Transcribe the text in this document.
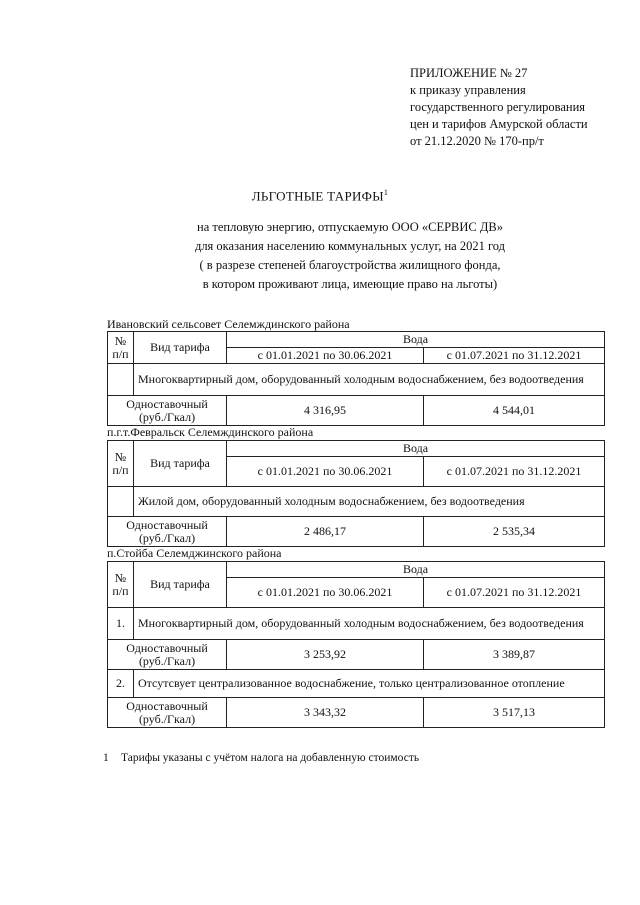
ПРИЛОЖЕНИЕ № 27
к приказу управления
государственного регулирования
цен и тарифов Амурской области
от 21.12.2020 № 170-пр/т
ЛЬГОТНЫЕ ТАРИФЫ$^1$
на тепловую энергию, отпускаемую ООО «СЕРВИС ДВ»
для оказания населению коммунальных услуг, на 2021 год
( в разрезе степеней благоустройства жилищного фонда,
в котором проживают лица, имеющие право на льготы)
Ивановский сельсовет Селемждинского района
№
п/п	Вид тарифа	Вода	
		с 01.01.2021 по 30.06.2021	с 01.07.2021 по 31.12.2021
	Многоквартирный дом, оборудованный холодным водоснабжением, без водоотведения		
Одноставочный
(руб./Гкал)		4 316,95	4 544,01
п.г.т.Февральск Селемждинского района
№
п/п	Вид тарифа	Вода	
		с 01.01.2021 по 30.06.2021	с 01.07.2021 по 31.12.2021
	Жилой дом, оборудованный холодным водоснабжением, без водоотведения		
Одноставочный
(руб./Гкал)		2 486,17	2 535,34
п.Стойба Селемджинского района
№
п/п	Вид тарифа	Вода	
		с 01.01.2021 по 30.06.2021	с 01.07.2021 по 31.12.2021
1.	Многоквартирный дом, оборудованный холодным водоснабжением, без водоотведения		
Одноставочный
(руб./Гкал)		3 253,92	3 389,87
2.	Отсутсвует централизованное водоснабжение, только централизованное отопление		
Одноставочный
(руб./Гкал)		3 343,32	3 517,13
1 Тарифы указаны с учётом налога на добавленную стоимость
